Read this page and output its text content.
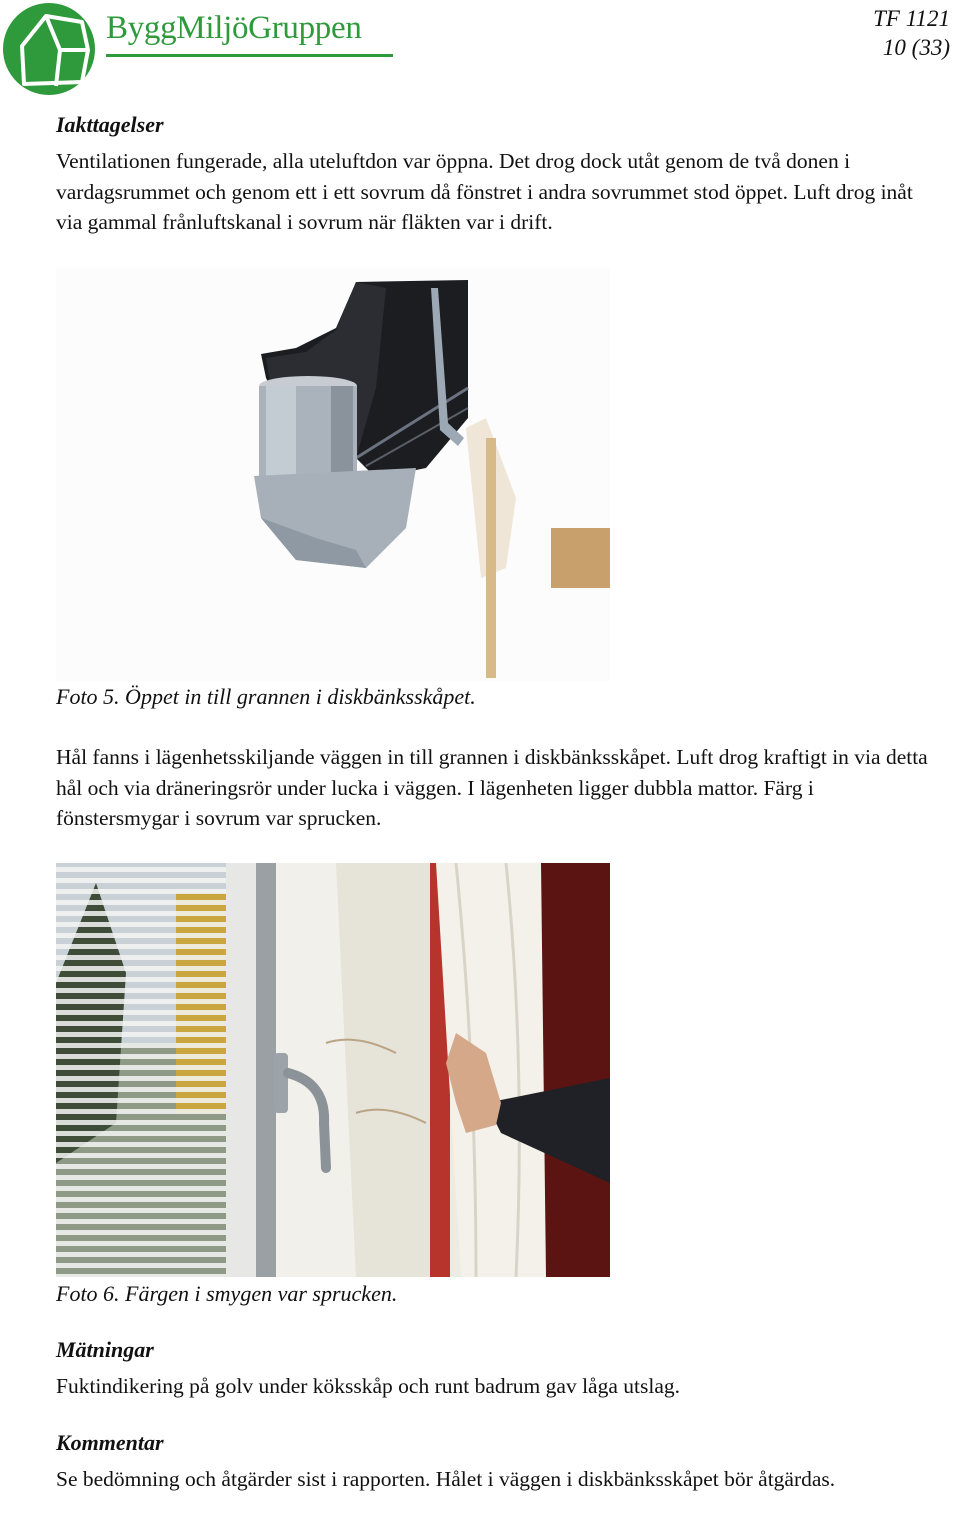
ByggMiljöGruppen	TF 1121
10 (33)
Iakttagelser
Ventilationen fungerade, alla uteluftdon var öppna. Det drog dock utåt genom de två donen i vardagsrummet och genom ett i ett sovrum då fönstret i andra sovrummet stod öppet. Luft drog inåt via gammal frånluftskanal i sovrum när fläkten var i drift.
Foto 5. Öppet in till grannen i diskbänksskåpet.
Hål fanns i lägenhetsskiljande väggen in till grannen i diskbänksskåpet. Luft drog kraftigt in via detta hål och via dräneringsrör under lucka i väggen. I lägenheten ligger dubbla mattor. Färg i fönstersmygar i sovrum var sprucken.
Foto 6. Färgen i smygen var sprucken.
Mätningar
Fuktindikering på golv under köksskåp och runt badrum gav låga utslag.
Kommentar
Se bedömning och åtgärder sist i rapporten. Hålet i väggen i diskbänksskåpet bör åtgärdas.
